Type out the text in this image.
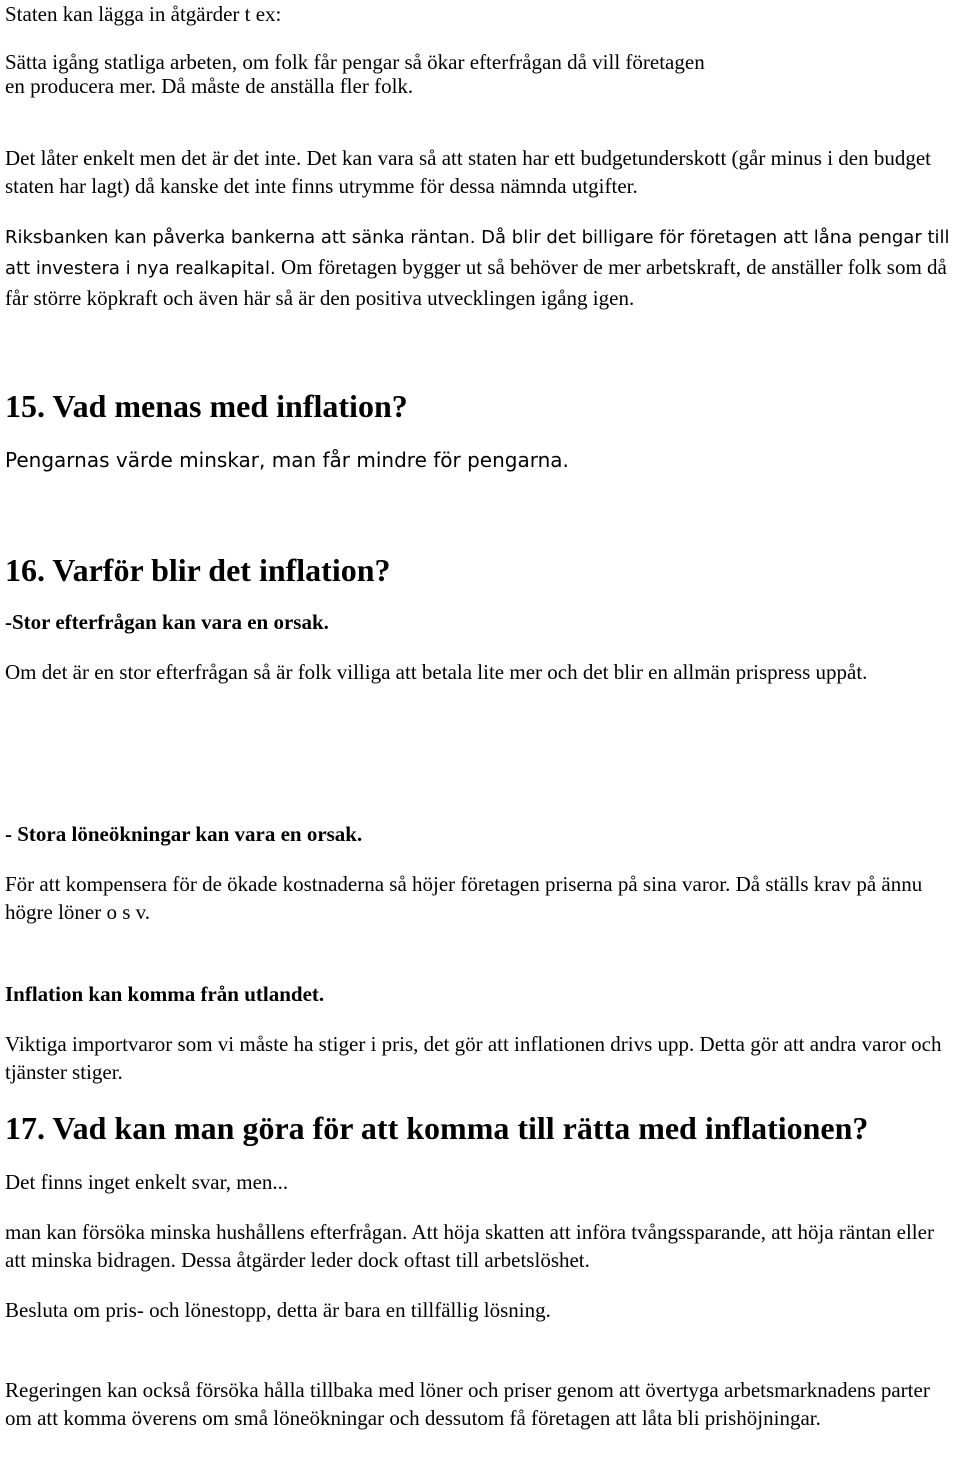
Staten kan lägga in åtgärder t ex:

Sätta igång statliga arbeten, om folk får pengar så ökar efterfrågan då vill företagen

en producera mer. Då måste de anställa fler folk.

Det låter enkelt men det är det inte. Det kan vara så att staten har ett budgetunderskott (går minus i den budget staten har lagt) då kanske det inte finns utrymme för dessa nämnda utgifter.

Riksbanken kan påverka bankerna att sänka räntan. Då blir det billigare för företagen att låna pengar till att investera i nya realkapital. Om företagen bygger ut så behöver de mer arbetskraft, de anställer folk som då får större köpkraft och även här så är den positiva utvecklingen igång igen.

15. Vad menas med inflation?

Pengarnas värde minskar, man får mindre för pengarna.

16. Varför blir det inflation?

-Stor efterfrågan kan vara en orsak.

Om det är en stor efterfrågan så är folk villiga att betala lite mer och det blir en allmän prispress uppåt.

- Stora löneökningar kan vara en orsak.

För att kompensera för de ökade kostnaderna så höjer företagen priserna på sina varor. Då ställs krav på ännu högre löner o s v.

Inflation kan komma från utlandet.

Viktiga importvaror som vi måste ha stiger i pris, det gör att inflationen drivs upp. Detta gör att andra varor och tjänster stiger.

17. Vad kan man göra för att komma till rätta med inflationen?

Det finns inget enkelt svar, men...

man kan försöka minska hushållens efterfrågan. Att höja skatten att införa tvångssparande, att höja räntan eller att minska bidragen. Dessa åtgärder leder dock oftast till arbetslöshet.

Besluta om pris- och lönestopp, detta är bara en tillfällig lösning.

Regeringen kan också försöka hålla tillbaka med löner och priser genom att övertyga arbetsmarknadens parter om att komma överens om små löneökningar och dessutom få företagen att låta bli prishöjningar.
